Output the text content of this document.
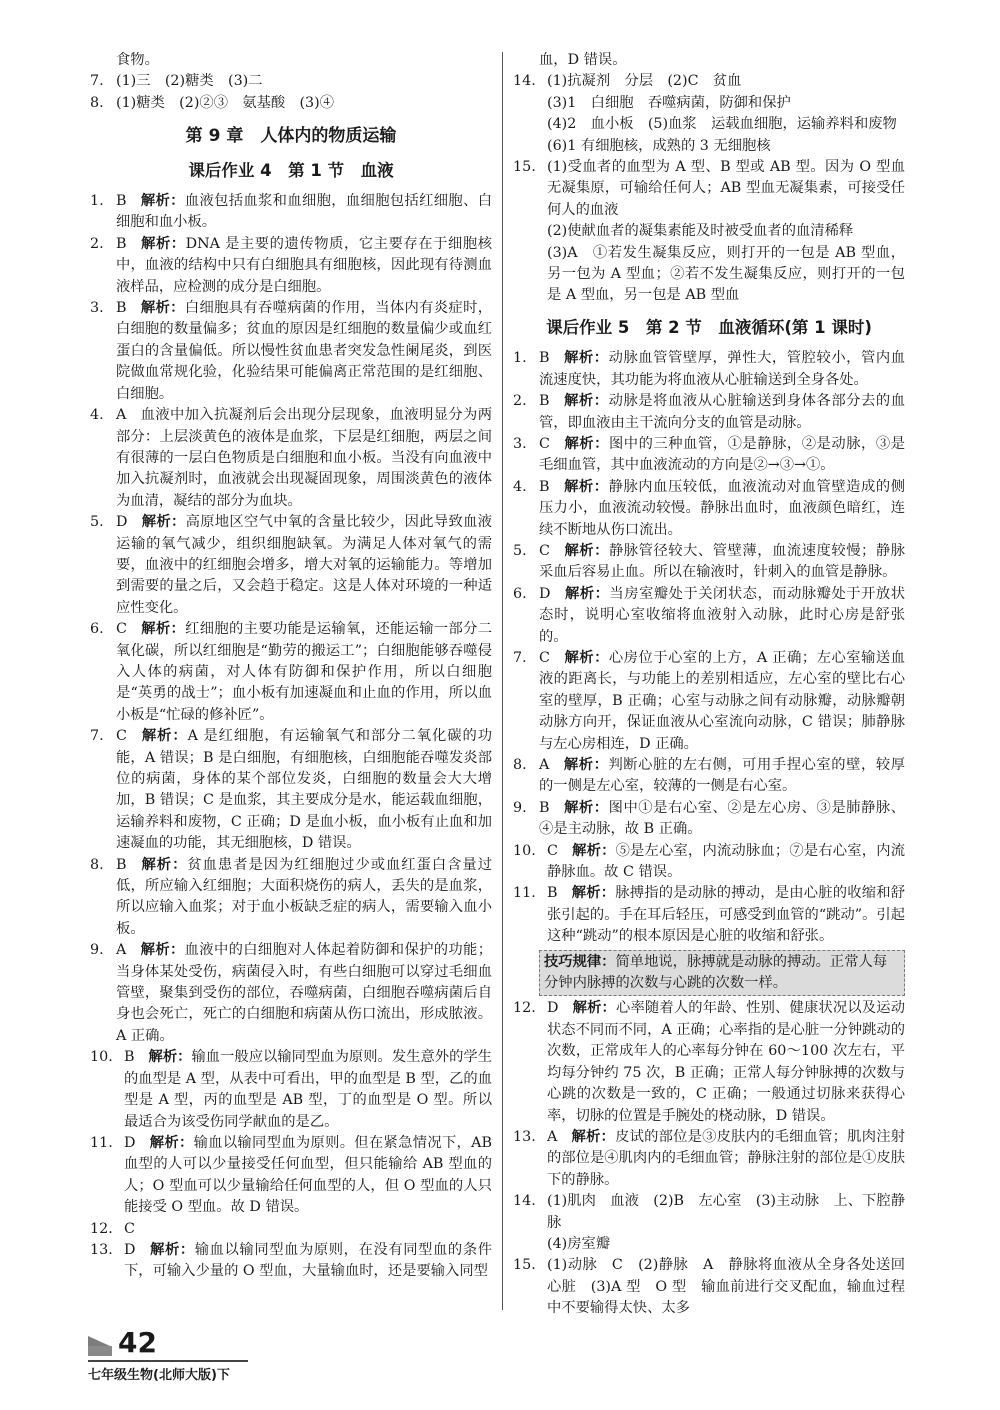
食物。
7. (1)三　(2)糖类　(3)二
8. (1)糖类　(2)②③　氨基酸　(3)④
第 9 章　人体内的物质运输
课后作业 4　第 1 节　血液
1. B 解析：血液包括血浆和血细胞，血细胞包括红细胞、白细胞和血小板。
2. B 解析：DNA 是主要的遗传物质，它主要存在于细胞核中，血液的结构中只有白细胞具有细胞核，因此现有待测血液样品，应检测的成分是白细胞。
3. B 解析：白细胞具有吞噬病菌的作用，当体内有炎症时，白细胞的数量偏多；贫血的原因是红细胞的数量偏少或血红蛋白的含量偏低。所以慢性贫血患者突发急性阑尾炎，到医院做血常规化验，化验结果可能偏离正常范围的是红细胞、白细胞。
4. A 血液中加入抗凝剂后会出现分层现象，血液明显分为两部分：上层淡黄色的液体是血浆，下层是红细胞，两层之间有很薄的一层白色物质是白细胞和血小板。当没有向血液中加入抗凝剂时，血液就会出现凝固现象，周围淡黄色的液体为血清，凝结的部分为血块。
5. D 解析：高原地区空气中氧的含量比较少，因此导致血液运输的氧气减少，组织细胞缺氧。为满足人体对氧气的需要，血液中的红细胞会增多，增大对氧的运输能力。等增加到需要的量之后，又会趋于稳定。这是人体对环境的一种适应性变化。
6. C 解析：红细胞的主要功能是运输氧，还能运输一部分二氧化碳，所以红细胞是“勤劳的搬运工”；白细胞能够吞噬侵入人体的病菌，对人体有防御和保护作用，所以白细胞是“英勇的战士”；血小板有加速凝血和止血的作用，所以血小板是“忙碌的修补匠”。
7. C 解析：A 是红细胞，有运输氧气和部分二氧化碳的功能，A 错误；B 是白细胞，有细胞核，白细胞能吞噬发炎部位的病菌，身体的某个部位发炎，白细胞的数量会大大增加，B 错误；C 是血浆，其主要成分是水，能运载血细胞，运输养料和废物，C 正确；D 是血小板，血小板有止血和加速凝血的功能，其无细胞核，D 错误。
8. B 解析：贫血患者是因为红细胞过少或血红蛋白含量过低，所应输入红细胞；大面积烧伤的病人，丢失的是血浆，所以应输入血浆；对于血小板缺乏症的病人，需要输入血小板。
9. A 解析：血液中的白细胞对人体起着防御和保护的功能；当身体某处受伤，病菌侵入时，有些白细胞可以穿过毛细血管壁，聚集到受伤的部位，吞噬病菌，白细胞吞噬病菌后自身也会死亡，死亡的白细胞和病菌从伤口流出，形成脓液。A 正确。
10. B 解析：输血一般应以输同型血为原则。发生意外的学生的血型是 A 型，从表中可看出，甲的血型是 B 型，乙的血型是 A 型，丙的血型是 AB 型，丁的血型是 O 型。所以最适合为该受伤同学献血的是乙。
11. D 解析：输血以输同型血为原则。但在紧急情况下，AB 血型的人可以少量接受任何血型，但只能输给 AB 型血的人；O 型血可以少量输给任何血型的人，但 O 型血的人只能接受 O 型血。故 D 错误。
12. C
13. D 解析：输血以输同型血为原则，在没有同型血的条件下，可输入少量的 O 型血，大量输血时，还是要输入同型
血，D 错误。
14. (1)抗凝剂　分层　(2)C　贫血
(3)1　白细胞　吞噬病菌，防御和保护
(4)2　血小板　(5)血浆　运载血细胞，运输养料和废物
(6)1 有细胞核，成熟的 3 无细胞核
15. (1)受血者的血型为 A 型、B 型或 AB 型。因为 O 型血无凝集原，可输给任何人；AB 型血无凝集素，可接受任何人的血液
(2)使献血者的凝集素能及时被受血者的血清稀释
(3)A　①若发生凝集反应，则打开的一包是 AB 型血，另一包为 A 型血；②若不发生凝集反应，则打开的一包是 A 型血，另一包是 AB 型血
课后作业 5　第 2 节　血液循环(第 1 课时)
1. B 解析：动脉血管管壁厚，弹性大，管腔较小，管内血流速度快，其功能为将血液从心脏输送到全身各处。
2. B 解析：动脉是将血液从心脏输送到身体各部分去的血管，即血液由主干流向分支的血管是动脉。
3. C 解析：图中的三种血管，①是静脉，②是动脉，③是毛细血管，其中血液流动的方向是②→③→①。
4. B 解析：静脉内血压较低，血液流动对血管壁造成的侧压力小，血液流动较慢。静脉出血时，血液颜色暗红，连续不断地从伤口流出。
5. C 解析：静脉管径较大、管壁薄，血流速度较慢；静脉采血后容易止血。所以在输液时，针刺入的血管是静脉。
6. D 解析：当房室瓣处于关闭状态，而动脉瓣处于开放状态时，说明心室收缩将血液射入动脉，此时心房是舒张的。
7. C 解析：心房位于心室的上方，A 正确；左心室输送血液的距离长，与功能上的差别相适应，左心室的壁比右心室的壁厚，B 正确；心室与动脉之间有动脉瓣，动脉瓣朝动脉方向开，保证血液从心室流向动脉，C 错误；肺静脉与左心房相连，D 正确。
8. A 解析：判断心脏的左右侧，可用手捏心室的壁，较厚的一侧是左心室，较薄的一侧是右心室。
9. B 解析：图中①是右心室、②是左心房、③是肺静脉、④是主动脉，故 B 正确。
10. C 解析：⑤是左心室，内流动脉血；⑦是右心室，内流静脉血。故 C 错误。
11. B 解析：脉搏指的是动脉的搏动，是由心脏的收缩和舒张引起的。手在耳后轻压，可感受到血管的“跳动”。引起这种“跳动”的根本原因是心脏的收缩和舒张。
技巧规律：简单地说，脉搏就是动脉的搏动。正常人每分钟内脉搏的次数与心跳的次数一样。
12. D 解析：心率随着人的年龄、性别、健康状况以及运动状态不同而不同，A 正确；心率指的是心脏一分钟跳动的次数，正常成年人的心率每分钟在 60～100 次左右，平均每分钟约 75 次，B 正确；正常人每分钟脉搏的次数与心跳的次数是一致的，C 正确；一般通过切脉来获得心率，切脉的位置是手腕处的桡动脉，D 错误。
13. A 解析：皮试的部位是③皮肤内的毛细血管；肌肉注射的部位是④肌肉内的毛细血管；静脉注射的部位是①皮肤下的静脉。
14. (1)肌肉　血液　(2)B　左心室　(3)主动脉　上、下腔静脉
(4)房室瓣
15. (1)动脉　C　(2)静脉　A　静脉将血液从全身各处送回心脏　(3)A 型　O 型　输血前进行交叉配血，输血过程中不要输得太快、太多
42
七年级生物(北师大版)下
